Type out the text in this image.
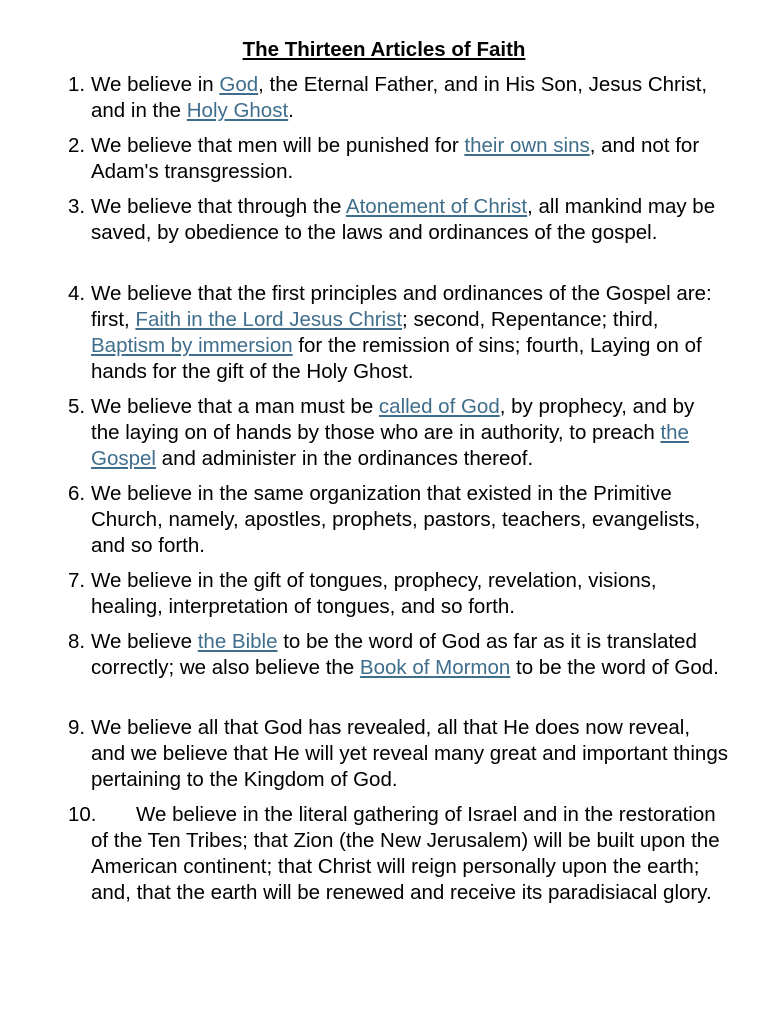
The Thirteen Articles of Faith
1. We believe in God, the Eternal Father, and in His Son, Jesus Christ, and in the Holy Ghost.
2. We believe that men will be punished for their own sins, and not for Adam's transgression.
3. We believe that through the Atonement of Christ, all mankind may be saved, by obedience to the laws and ordinances of the gospel.
4. We believe that the first principles and ordinances of the Gospel are: first, Faith in the Lord Jesus Christ; second, Repentance; third, Baptism by immersion for the remission of sins; fourth, Laying on of hands for the gift of the Holy Ghost.
5. We believe that a man must be called of God, by prophecy, and by the laying on of hands by those who are in authority, to preach the Gospel and administer in the ordinances thereof.
6. We believe in the same organization that existed in the Primitive Church, namely, apostles, prophets, pastors, teachers, evangelists, and so forth.
7. We believe in the gift of tongues, prophecy, revelation, visions, healing, interpretation of tongues, and so forth.
8. We believe the Bible to be the word of God as far as it is translated correctly; we also believe the Book of Mormon to be the word of God.
9. We believe all that God has revealed, all that He does now reveal, and we believe that He will yet reveal many great and important things pertaining to the Kingdom of God.
10.	We believe in the literal gathering of Israel and in the restoration of the Ten Tribes; that Zion (the New Jerusalem) will be built upon the American continent; that Christ will reign personally upon the earth; and, that the earth will be renewed and receive its paradisiacal glory.
